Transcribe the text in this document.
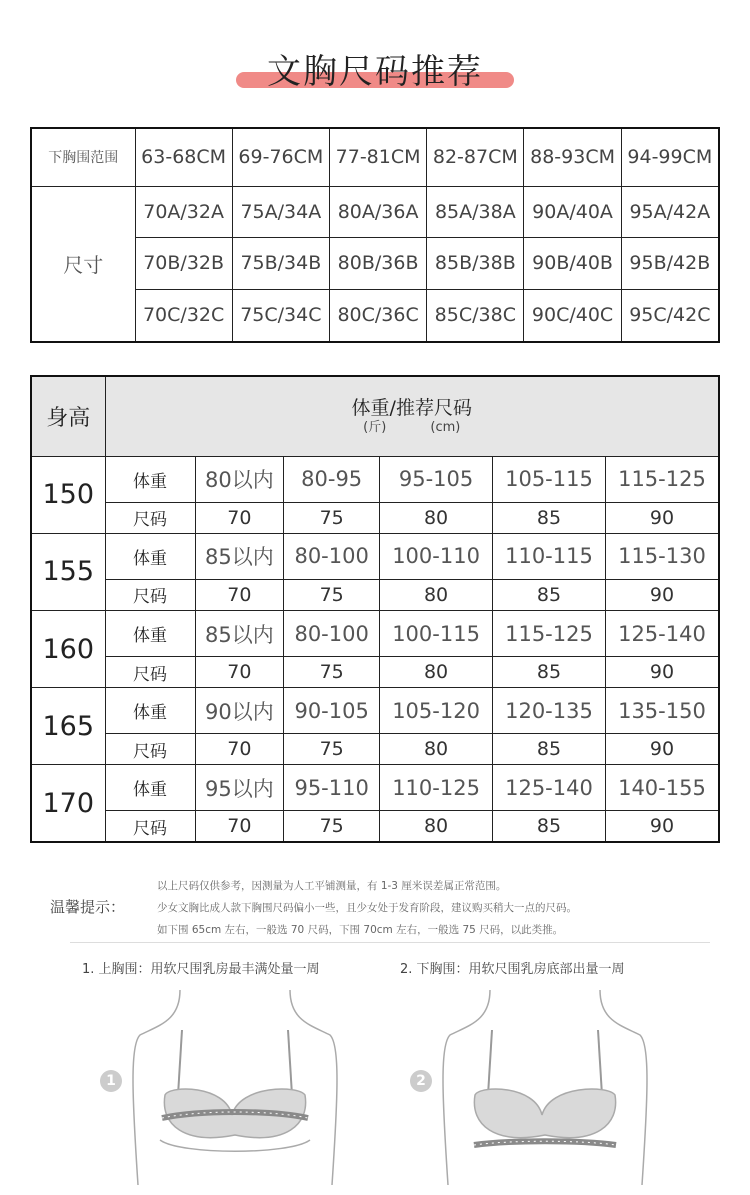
文胸尺码推荐
下胸围范围	63-68CM	69-76CM	77-81CM	82-87CM	88-93CM	94-99CM
尺寸	70A/32A	75A/34A	80A/36A	85A/38A	90A/40A	95A/42A
	70B/32B	75B/34B	80B/36B	85B/38B	90B/40B	95B/42B
	70C/32C	75C/34C	80C/36C	85C/38C	90C/40C	95C/42C
身高	体重/推荐尺码
(斤) (cm)					

150	体重	80以内	80-95	95-105	105-115	115-125
	尺码	70	75	80	85	90
155	体重	85以内	80-100	100-110	110-115	115-130
	尺码	70	75	80	85	90
160	体重	85以内	80-100	100-115	115-125	125-140
	尺码	70	75	80	85	90
165	体重	90以内	90-105	105-120	120-135	135-150
	尺码	70	75	80	85	90
170	体重	95以内	95-110	110-125	125-140	140-155
	尺码	70	75	80	85	90
温馨提示：
以上尺码仅供参考，因测量为人工平铺测量，有 1-3 厘米误差属正常范围。
少女文胸比成人款下胸围尺码偏小一些，且少女处于发育阶段，建议购买稍大一点的尺码。
如下围 65cm 左右，一般选 70 尺码，下围 70cm 左右，一般选 75 尺码，以此类推。
1. 上胸围：用软尺围乳房最丰满处量一周	2. 下胸围：用软尺围乳房底部出量一周
1	2
